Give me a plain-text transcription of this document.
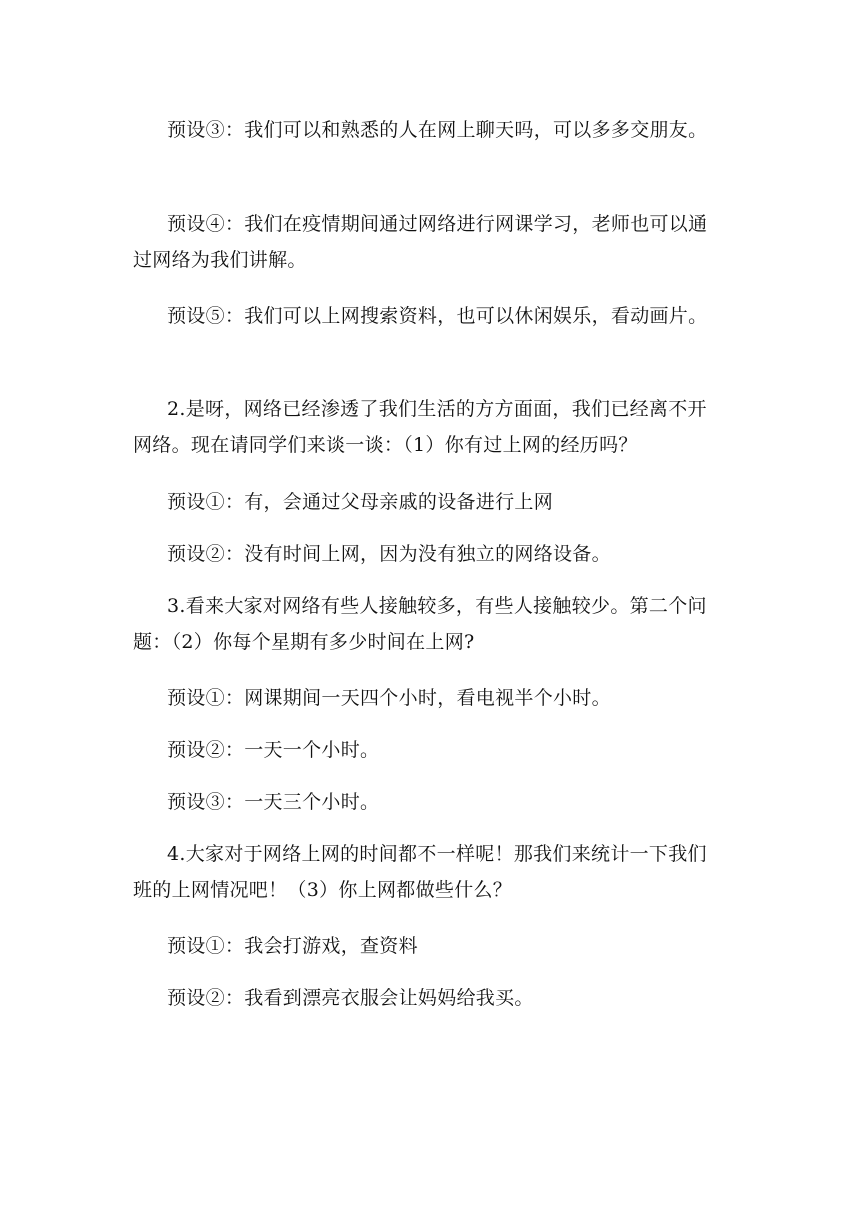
预设③：我们可以和熟悉的人在网上聊天吗，可以多多交朋友。

预设④：我们在疫情期间通过网络进行网课学习，老师也可以通过网络为我们讲解。

预设⑤：我们可以上网搜索资料，也可以休闲娱乐，看动画片。

2.是呀，网络已经渗透了我们生活的方方面面，我们已经离不开网络。现在请同学们来谈一谈：（1）你有过上网的经历吗？

预设①：有，会通过父母亲戚的设备进行上网

预设②：没有时间上网，因为没有独立的网络设备。

3.看来大家对网络有些人接触较多，有些人接触较少。第二个问题：（2）你每个星期有多少时间在上网?

预设①：网课期间一天四个小时，看电视半个小时。

预设②：一天一个小时。

预设③：一天三个小时。

4.大家对于网络上网的时间都不一样呢！那我们来统计一下我们班的上网情况吧！（3）你上网都做些什么？

预设①：我会打游戏，查资料

预设②：我看到漂亮衣服会让妈妈给我买。
